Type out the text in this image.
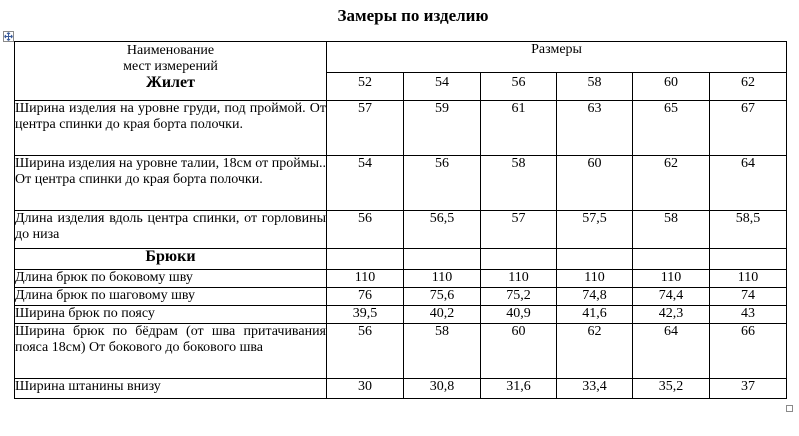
Замеры по изделию
Наименование
мест измерений
Жилет	Размеры					
	52	54	56	58	60	62
Ширина изделия на уровне груди, под проймой. От центра спинки до края борта полочки.	57	59	61	63	65	67
Ширина изделия на уровне талии, 18см от проймы.. От центра спинки до края борта полочки.	54	56	58	60	62	64
Длина изделия вдоль центра спинки, от горловины до низа	56	56,5	57	57,5	58	58,5
Брюки						
Длина брюк по боковому шву	110	110	110	110	110	110
Длина брюк по шаговому шву	76	75,6	75,2	74,8	74,4	74
Ширина брюк по поясу	39,5	40,2	40,9	41,6	42,3	43
Ширина брюк по бёдрам (от шва притачивания пояса 18см) От бокового до бокового шва	56	58	60	62	64	66
Ширина штанины внизу	30	30,8	31,6	33,4	35,2	37
